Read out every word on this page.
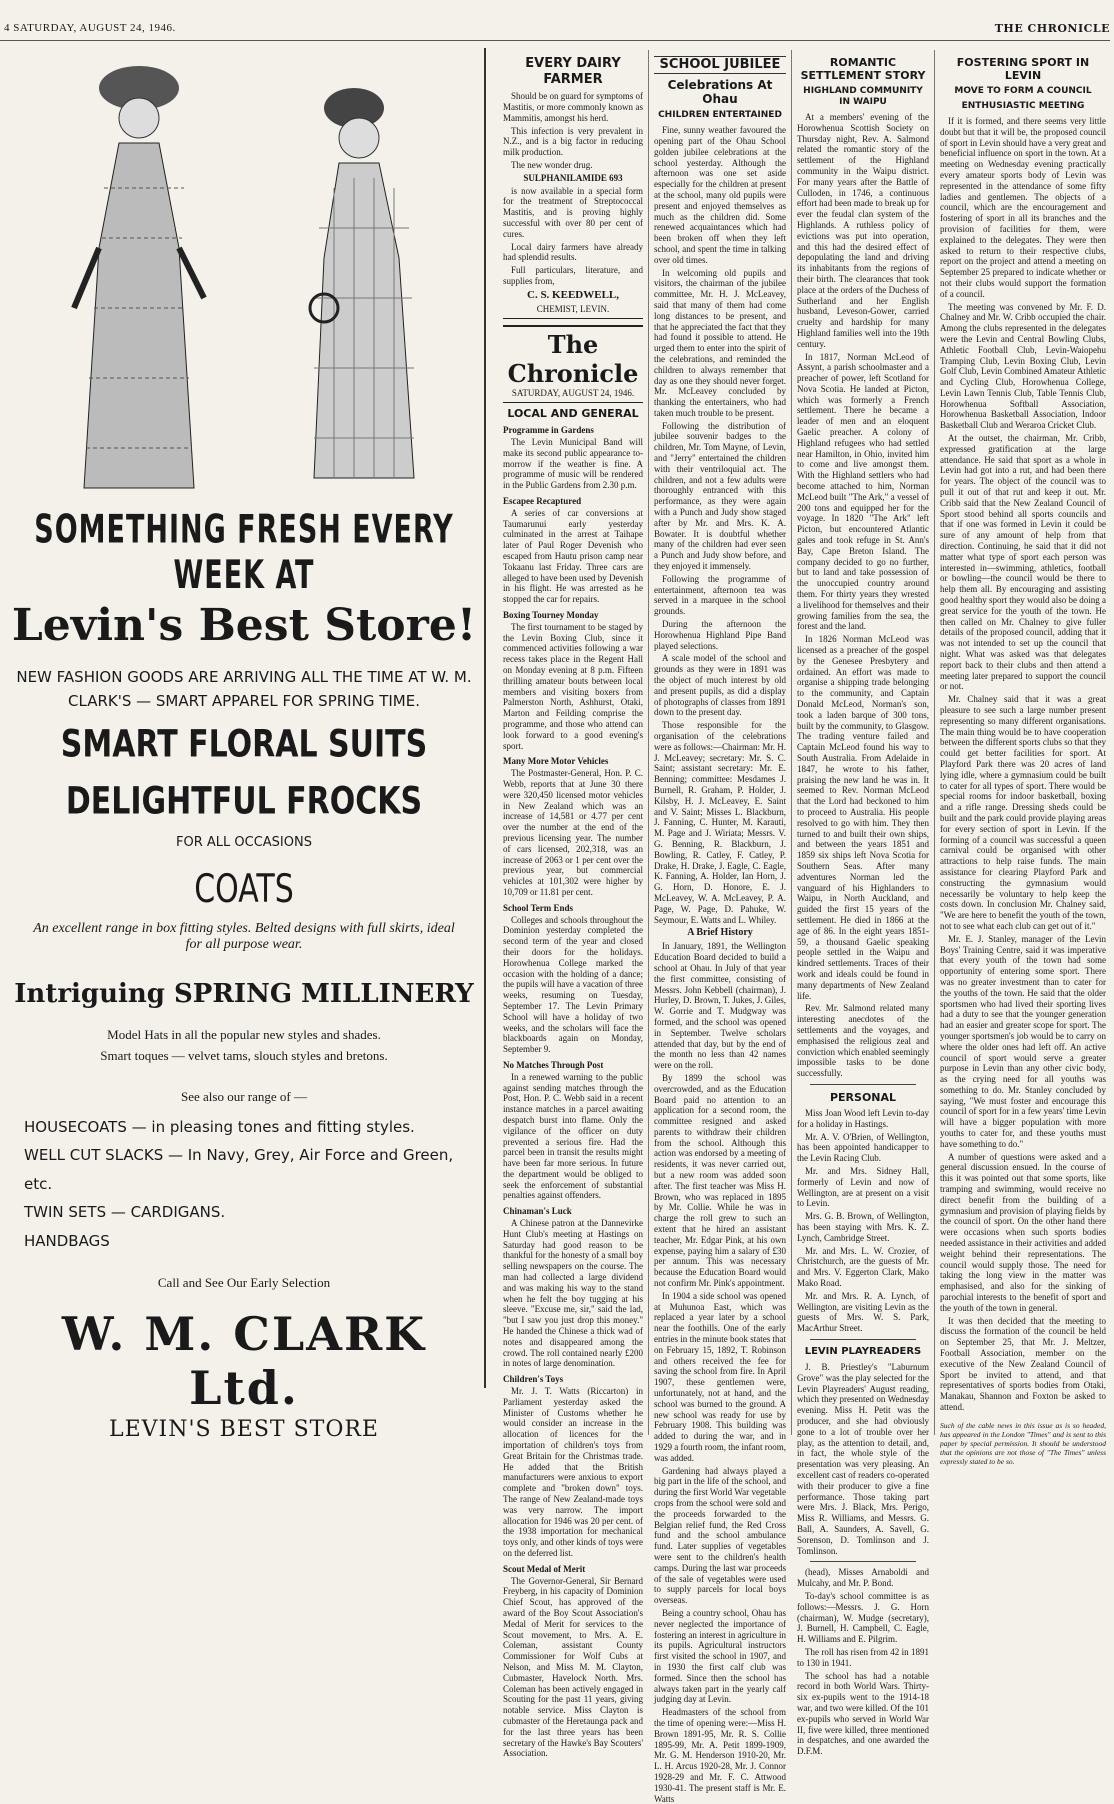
4 SATURDAY, AUGUST 24, 1946.	THE CHRONICLE
SOMETHING FRESH EVERY WEEK AT
Levin's Best Store!
NEW FASHION GOODS ARE ARRIVING ALL THE TIME AT W. M. CLARK'S — SMART APPAREL FOR SPRING TIME.
SMART FLORAL SUITS
DELIGHTFUL FROCKS
FOR ALL OCCASIONS
COATS
An excellent range in box fitting styles. Belted designs with full skirts, ideal for all purpose wear.
Intriguing SPRING MILLINERY
Model Hats in all the popular new styles and shades.
Smart toques — velvet tams, slouch styles and bretons.
See also our range of —
HOUSECOATS — in pleasing tones and fitting styles.
WELL CUT SLACKS — In Navy, Grey, Air Force and Green, etc.
TWIN SETS — CARDIGANS.
HANDBAGS
Call and See Our Early Selection
W. M. CLARK Ltd.
LEVIN'S BEST STORE
EVERY DAIRY FARMER

Should be on guard for symptoms of Mastitis, or more commonly known as Mammitis, amongst his herd.

This infection is very prevalent in N.Z., and is a big factor in reducing milk production.

The new wonder drug.

SULPHANILAMIDE 693

is now available in a special form for the treatment of Streptococcal Mastitis, and is proving highly successful with over 80 per cent of cures.

Local dairy farmers have already had splendid results.

Full particulars, literature, and supplies from,

C. S. KEEDWELL,
CHEMIST, LEVIN.
The Chronicle
SATURDAY, AUGUST 24, 1946.
LOCAL AND GENERAL
Programme in Gardens

The Levin Municipal Band will make its second public appearance to-morrow if the weather is fine. A programme of music will be rendered in the Public Gardens from 2.30 p.m.

Escapee Recaptured

A series of car conversions at Taumarunui early yesterday culminated in the arrest at Taihape later of Paul Roger Devenish who escaped from Hautu prison camp near Tokaanu last Friday. Three cars are alleged to have been used by Devenish in his flight. He was arrested as he stopped the car for repairs.

Boxing Tourney Monday

The first tournament to be staged by the Levin Boxing Club, since it commenced activities following a war recess takes place in the Regent Hall on Monday evening at 8 p.m. Fifteen thrilling amateur bouts between local members and visiting boxers from Palmerston North, Ashhurst, Otaki, Marton and Feilding comprise the programme, and those who attend can look forward to a good evening's sport.

Many More Motor Vehicles

The Postmaster-General, Hon. P. C. Webb, reports that at June 30 there were 320,450 licensed motor vehicles in New Zealand which was an increase of 14,581 or 4.77 per cent over the number at the end of the previous licensing year. The number of cars licensed, 202,318, was an increase of 2063 or 1 per cent over the previous year, but commercial vehicles at 101,302 were higher by 10,709 or 11.81 per cent.

School Term Ends

Colleges and schools throughout the Dominion yesterday completed the second term of the year and closed their doors for the holidays. Horowhenua College marked the occasion with the holding of a dance; the pupils will have a vacation of three weeks, resuming on Tuesday, September 17. The Levin Primary School will have a holiday of two weeks, and the scholars will face the blackboards again on Monday, September 9.

No Matches Through Post

In a renewed warning to the public against sending matches through the Post, Hon. P. C. Webb said in a recent instance matches in a parcel awaiting despatch burst into flame. Only the vigilance of the officer on duty prevented a serious fire. Had the parcel been in transit the results might have been far more serious. In future the department would be obliged to seek the enforcement of substantial penalties against offenders.

Chinaman's Luck

A Chinese patron at the Dannevirke Hunt Club's meeting at Hastings on Saturday had good reason to be thankful for the honesty of a small boy selling newspapers on the course. The man had collected a large dividend and was making his way to the stand when he felt the boy tugging at his sleeve. "Excuse me, sir," said the lad, "but I saw you just drop this money." He handed the Chinese a thick wad of notes and disappeared among the crowd. The roll contained nearly £200 in notes of large denomination.

Children's Toys

Mr. J. T. Watts (Riccarton) in Parliament yesterday asked the Minister of Customs whether he would consider an increase in the allocation of licences for the importation of children's toys from Great Britain for the Christmas trade. He added that the British manufacturers were anxious to export complete and "broken down" toys. The range of New Zealand-made toys was very narrow. The import allocation for 1946 was 20 per cent. of the 1938 importation for mechanical toys only, and other kinds of toys were on the deferred list.

Scout Medal of Merit

The Governor-General, Sir Bernard Freyberg, in his capacity of Dominion Chief Scout, has approved of the award of the Boy Scout Association's Medal of Merit for services to the Scout movement, to Mrs. A. E. Coleman, assistant County Commissioner for Wolf Cubs at Nelson, and Miss M. M. Clayton, Cubmaster, Havelock North. Mrs. Coleman has been actively engaged in Scouting for the past 11 years, giving notable service. Miss Clayton is cubmaster of the Heretaunga pack and for the last three years has been secretary of the Hawke's Bay Scouters' Association.

SCHOOL JUBILEE
Celebrations At Ohau
CHILDREN ENTERTAINED

Fine, sunny weather favoured the opening part of the Ohau School golden jubilee celebrations at the school yesterday. Although the afternoon was one set aside especially for the children at present at the school, many old pupils were present and enjoyed themselves as much as the children did. Some renewed acquaintances which had been broken off when they left school, and spent the time in talking over old times.

In welcoming old pupils and visitors, the chairman of the jubilee committee, Mr. H. J. McLeavey, said that many of them had come long distances to be present, and that he appreciated the fact that they had found it possible to attend. He urged them to enter into the spirit of the celebrations, and reminded the children to always remember that day as one they should never forget. Mr. McLeavey concluded by thanking the entertainers, who had taken much trouble to be present.

Following the distribution of jubilee souvenir badges to the children, Mr. Tom Mayne, of Levin, and "Jerry" entertained the children with their ventriloquial act. The children, and not a few adults were thoroughly entranced with this performance, as they were again with a Punch and Judy show staged after by Mr. and Mrs. K. A. Bowater. It is doubtful whether many of the children had ever seen a Punch and Judy show before, and they enjoyed it immensely.

Following the programme of entertainment, afternoon tea was served in a marquee in the school grounds.

During the afternoon the Horowhenua Highland Pipe Band played selections.

A scale model of the school and grounds as they were in 1891 was the object of much interest by old and present pupils, as did a display of photographs of classes from 1891 down to the present day.

Those responsible for the organisation of the celebrations were as follows:—Chairman: Mr. H. J. McLeavey; secretary: Mr. S. C. Saint; assistant secretary: Mr. E. Benning; committee: Mesdames J. Burnell, R. Graham, P. Holder, J. Kilsby, H. J. McLeavey, E. Saint and V. Saint; Misses L. Blackburn, J. Fanning, C. Hunter, M. Karauti, M. Page and J. Wiriata; Messrs. V. G. Benning, R. Blackburn, J. Bowling, R. Catley, F. Catley, P. Drake, H. Drake, J. Eagle, C. Eagle, K. Fanning, A. Holder, Ian Horn, J. G. Horn, D. Honore, E. J. McLeavey, W. A. McLeavey, P. A. Page, W. Page, D. Pahuke, W. Seymour, E. Watts and L. Whiley.

A Brief History

In January, 1891, the Wellington Education Board decided to build a school at Ohau. In July of that year the first committee, consisting of Messrs. John Kebbell (chairman), J. Hurley, D. Brown, T. Jukes, J. Giles, W. Gorrie and T. Mudgway was formed, and the school was opened in September. Twelve scholars attended that day, but by the end of the month no less than 42 names were on the roll.

By 1899 the school was overcrowded, and as the Education Board paid no attention to an application for a second room, the committee resigned and asked parents to withdraw their children from the school. Although this action was endorsed by a meeting of residents, it was never carried out, but a new room was added soon after. The first teacher was Miss H. Brown, who was replaced in 1895 by Mr. Collie. While he was in charge the roll grew to such an extent that he hired an assistant teacher, Mr. Edgar Pink, at his own expense, paying him a salary of £30 per annum. This was necessary because the Education Board would not confirm Mr. Pink's appointment.

In 1904 a side school was opened at Muhunoa East, which was replaced a year later by a school near the foothills. One of the early entries in the minute book states that on February 15, 1892, T. Robinson and others received the fee for saving the school from fire. In April 1907, these gentlemen were, unfortunately, not at hand, and the school was burned to the ground. A new school was ready for use by February 1908. This building was added to during the war, and in 1929 a fourth room, the infant room, was added.

Gardening had always played a big part in the life of the school, and during the first World War vegetable crops from the school were sold and the proceeds forwarded to the Belgian relief fund, the Red Cross fund and the school ambulance fund. Later supplies of vegetables were sent to the children's health camps. During the last war proceeds of the sale of vegetables were used to supply parcels for local boys overseas.

Being a country school, Ohau has never neglected the importance of fostering an interest in agriculture in its pupils. Agricultural instructors first visited the school in 1907, and in 1930 the first calf club was formed. Since then the school has always taken part in the yearly calf judging day at Levin.

Headmasters of the school from the time of opening were:—Miss H. Brown 1891-95, Mr. R. S. Collie 1895-99, Mr. A. Petit 1899-1909, Mr. G. M. Henderson 1910-20, Mr. L. H. Arcus 1920-28, Mr. J. Connor 1928-29 and Mr. F. C. Attwood 1930-41. The present staff is Mr. E. Watts

ROMANTIC SETTLEMENT STORY
HIGHLAND COMMUNITY IN WAIPU

At a members' evening of the Horowhenua Scottish Society on Thursday night, Rev. A. Salmond related the romantic story of the settlement of the Highland community in the Waipu district. For many years after the Battle of Culloden, in 1746, a continuous effort had been made to break up for ever the feudal clan system of the Highlands. A ruthless policy of evictions was put into operation, and this had the desired effect of depopulating the land and driving its inhabitants from the regions of their birth. The clearances that took place at the orders of the Duchess of Sutherland and her English husband, Leveson-Gower, carried cruelty and hardship for many Highland families well into the 19th century.

In 1817, Norman McLeod of Assynt, a parish schoolmaster and a preacher of power, left Scotland for Nova Scotia. He landed at Picton, which was formerly a French settlement. There he became a leader of men and an eloquent Gaelic preacher. A colony of Highland refugees who had settled near Hamilton, in Ohio, invited him to come and live amongst them. With the Highland settlers who had become attached to him, Norman McLeod built "The Ark," a vessel of 200 tons and equipped her for the voyage. In 1820 "The Ark" left Picton, but encountered Atlantic gales and took refuge in St. Ann's Bay, Cape Breton Island. The company decided to go no further, but to land and take possession of the unoccupied country around them. For thirty years they wrested a livelihood for themselves and their growing families from the sea, the forest and the land.

In 1826 Norman McLeod was licensed as a preacher of the gospel by the Genesee Presbytery and ordained. An effort was made to organise a shipping trade belonging to the community, and Captain Donald McLeod, Norman's son, took a laden barque of 300 tons, built by the community, to Glasgow. The trading venture failed and Captain McLeod found his way to South Australia. From Adelaide in 1847, he wrote to his father, praising the new land he was in. It seemed to Rev. Norman McLeod that the Lord had beckoned to him to proceed to Australia. His people resolved to go with him. They then turned to and built their own ships, and between the years 1851 and 1859 six ships left Nova Scotia for Southern Seas. After many adventures Norman led the vanguard of his Highlanders to Waipu, in North Auckland, and guided the first 15 years of the settlement. He died in 1866 at the age of 86. In the eight years 1851-59, a thousand Gaelic speaking people settled in the Waipu and kindred settlements. Traces of their work and ideals could be found in many departments of New Zealand life.

Rev. Mr. Salmond related many interesting anecdotes of the settlements and the voyages, and emphasised the religious zeal and conviction which enabled seemingly impossible tasks to be done successfully.

PERSONAL

Miss Joan Wood left Levin to-day for a holiday in Hastings.

Mr. A. V. O'Brien, of Wellington, has been appointed handicapper to the Levin Racing Club.

Mr. and Mrs. Sidney Hall, formerly of Levin and now of Wellington, are at present on a visit to Levin.

Mrs. G. B. Brown, of Wellington, has been staying with Mrs. K. Z. Lynch, Cambridge Street.

Mr. and Mrs. L. W. Crozier, of Christchurch, are the guests of Mr. and Mrs. V. Eggerton Clark, Mako Mako Road.

Mr. and Mrs. R. A. Lynch, of Wellington, are visiting Levin as the guests of Mrs. W. S. Park, MacArthur Street.

LEVIN PLAYREADERS

J. B. Priestley's "Laburnum Grove" was the play selected for the Levin Playreaders' August reading, which they presented on Wednesday evening. Miss H. Petit was the producer, and she had obviously gone to a lot of trouble over her play, as the attention to detail, and, in fact, the whole style of the presentation was very pleasing. An excellent cast of readers co-operated with their producer to give a fine performance. Those taking part were Mrs. J. Black, Mrs. Perigo, Miss R. Williams, and Messrs. G. Ball, A. Saunders, A. Savell, G. Sorenson, D. Tomlinson and J. Tomlinson.

(head), Misses Arnaboldi and Mulcahy, and Mr. P. Bond.

To-day's school committee is as follows:—Messrs. J. G. Horn (chairman), W. Mudge (secretary), J. Burnell, H. Campbell, C. Eagle, H. Williams and E. Pilgrim.

The roll has risen from 42 in 1891 to 130 in 1941.

The school has had a notable record in both World Wars. Thirty-six ex-pupils went to the 1914-18 war, and two were killed. Of the 101 ex-pupils who served in World War II, five were killed, three mentioned in despatches, and one awarded the D.F.M.

FOSTERING SPORT IN LEVIN
MOVE TO FORM A COUNCIL
ENTHUSIASTIC MEETING

If it is formed, and there seems very little doubt but that it will be, the proposed council of sport in Levin should have a very great and beneficial influence on sport in the town. At a meeting on Wednesday evening practically every amateur sports body of Levin was represented in the attendance of some fifty ladies and gentlemen. The objects of a council, which are the encouragement and fostering of sport in all its branches and the provision of facilities for them, were explained to the delegates. They were then asked to return to their respective clubs, report on the project and attend a meeting on September 25 prepared to indicate whether or not their clubs would support the formation of a council.

The meeting was convened by Mr. F. D. Chalney and Mr. W. Cribb occupied the chair. Among the clubs represented in the delegates were the Levin and Central Bowling Clubs, Athletic Football Club, Levin-Waiopehu Tramping Club, Levin Boxing Club, Levin Golf Club, Levin Combined Amateur Athletic and Cycling Club, Horowhenua College, Levin Lawn Tennis Club, Table Tennis Club, Horowhenua Softball Association, Horowhenua Basketball Association, Indoor Basketball Club and Weraroa Cricket Club.

At the outset, the chairman, Mr. Cribb, expressed gratification at the large attendance. He said that sport as a whole in Levin had got into a rut, and had been there for years. The object of the council was to pull it out of that rut and keep it out. Mr. Cribb said that the New Zealand Council of Sport stood behind all sports councils and that if one was formed in Levin it could be sure of any amount of help from that direction. Continuing, he said that it did not matter what type of sport each person was interested in—swimming, athletics, football or bowling—the council would be there to help them all. By encouraging and assisting good healthy sport they would also be doing a great service for the youth of the town. He then called on Mr. Chalney to give fuller details of the proposed council, adding that it was not intended to set up the council that night. What was asked was that delegates report back to their clubs and then attend a meeting later prepared to support the council or not.

Mr. Chalney said that it was a great pleasure to see such a large number present representing so many different organisations. The main thing would be to have cooperation between the different sports clubs so that they could get better facilities for sport. At Playford Park there was 20 acres of land lying idle, where a gymnasium could be built to cater for all types of sport. There would be special rooms for indoor basketball, boxing and a rifle range. Dressing sheds could be built and the park could provide playing areas for every section of sport in Levin. If the forming of a council was successful a queen carnival could be organised with other attractions to help raise funds. The main assistance for clearing Playford Park and constructing the gymnasium would necessarily be voluntary to help keep the costs down. In conclusion Mr. Chalney said, "We are here to benefit the youth of the town, not to see what each club can get out of it."

Mr. E. J. Stanley, manager of the Levin Boys' Training Centre, said it was imperative that every youth of the town had some opportunity of entering some sport. There was no greater investment than to cater for the youths of the town. He said that the older sportsmen who had lived their sporting lives had a duty to see that the younger generation had an easier and greater scope for sport. The younger sportsmen's job would be to carry on where the older ones had left off. An active council of sport would serve a greater purpose in Levin than any other civic body, as the crying need for all youths was something to do. Mr. Stanley concluded by saying, "We must foster and encourage this council of sport for in a few years' time Levin will have a bigger population with more youths to cater for, and these youths must have something to do."

A number of questions were asked and a general discussion ensued. In the course of this it was pointed out that some sports, like tramping and swimming, would receive no direct benefit from the building of a gymnasium and provision of playing fields by the council of sport. On the other hand there were occasions when such sports bodies needed assistance in their activities and added weight behind their representations. The council would supply those. The need for taking the long view in the matter was emphasised, and also for the sinking of parochial interests to the benefit of sport and the youth of the town in general.

It was then decided that the meeting to discuss the formation of the council be held on September 25, that Mr. J. Meltzer, Football Association, member on the executive of the New Zealand Council of Sport be invited to attend, and that representatives of sports bodies from Otaki, Manakau, Shannon and Foxton be asked to attend.

Such of the cable news in this issue as is so headed, has appeared in the London "Times" and is sent to this paper by special permission. It should be understood that the opinions are not those of "The Times" unless expressly stated to be so.
